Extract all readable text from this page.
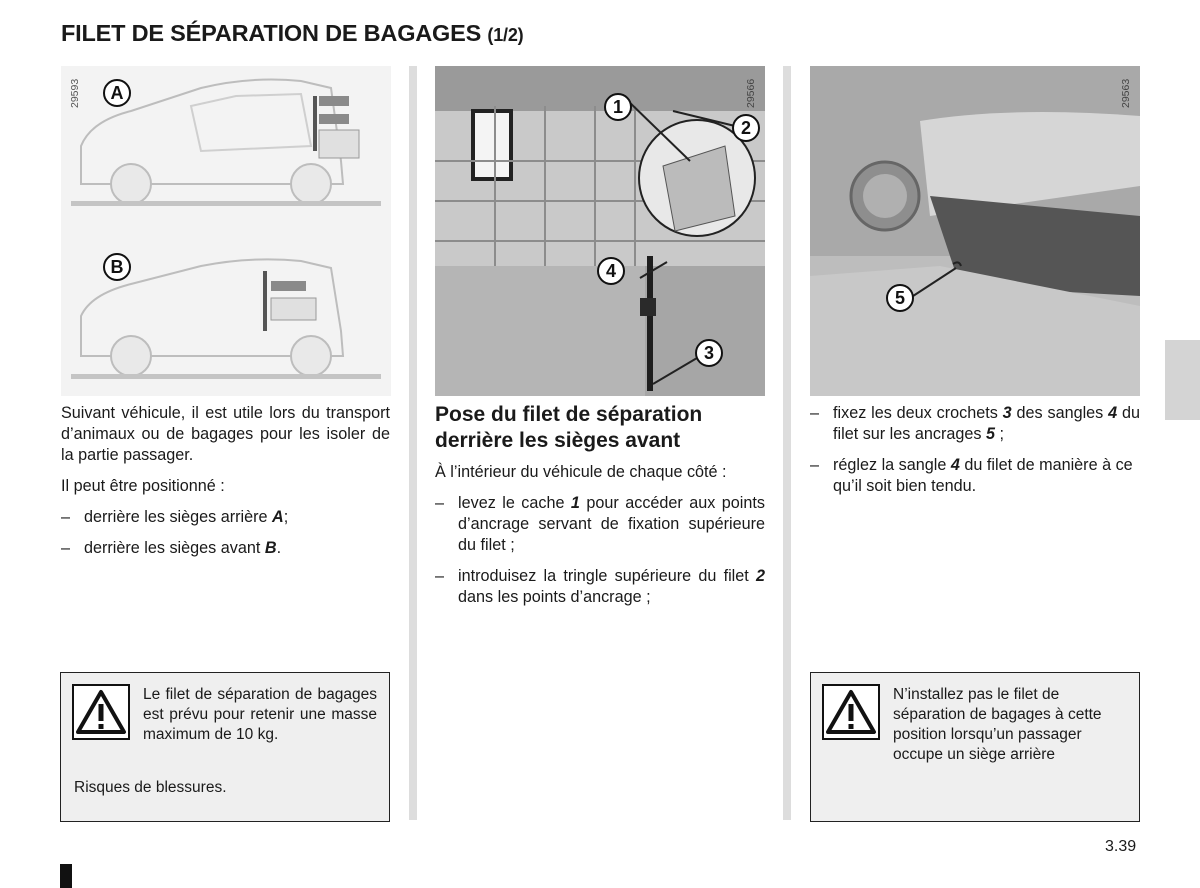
FILET DE SÉPARATION DE BAGAGES (1/2)
29593	A
B

Suivant véhicule, il est utile lors du transport d’animaux ou de bagages pour les isoler de la partie passager.

Il peut être positionné :

– derrière les sièges arrière A;
– derrière les sièges avant B.

Le filet de séparation de bagages est prévu pour retenir une masse maximum de 10 kg.

Risques de blessures.

29566
1
2
3
4

Pose du filet de séparation derrière les sièges avant

À l’intérieur du véhicule de chaque côté :

– levez le cache 1 pour accéder aux points d’ancrage servant de fixation supérieure du filet ;
– introduisez la tringle supérieure du filet 2 dans les points d’ancrage ;
29563
5
– fixez les deux crochets 3 des sangles 4 du filet sur les ancrages 5 ;
– réglez la sangle 4 du filet de manière à ce qu’il soit bien tendu.

N’installez pas le filet de séparation de bagages à cette position lorsqu’un passager occupe un siège arrière

3.39
